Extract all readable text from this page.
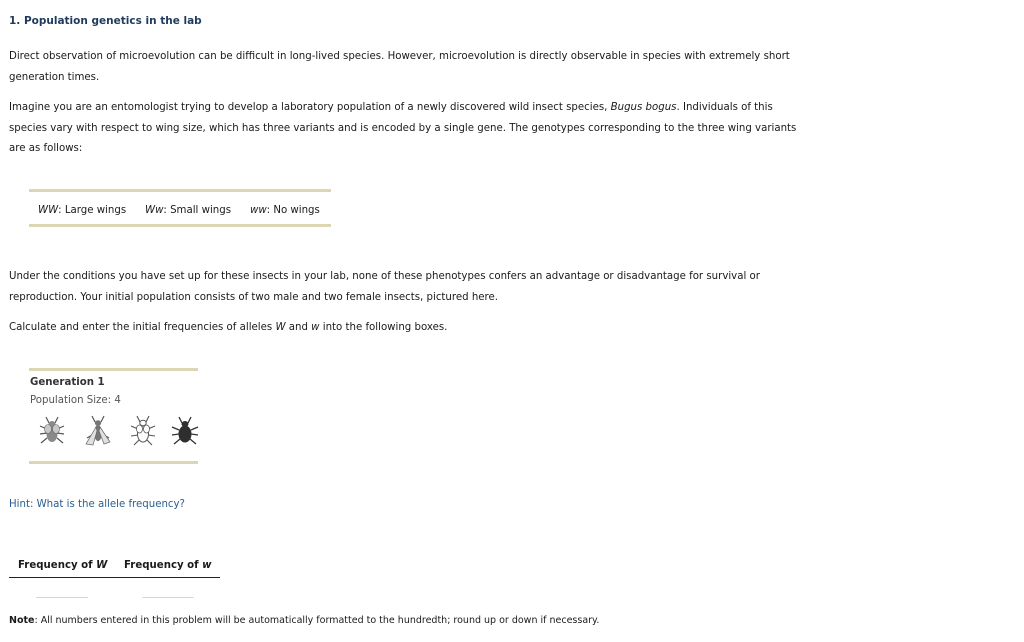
1. Population genetics in the lab
Direct observation of microevolution can be difficult in long-lived species. However, microevolution is directly observable in species with extremely short
generation times.
Imagine you are an entomologist trying to develop a laboratory population of a newly discovered wild insect species, Bugus bogus. Individuals of this
species vary with respect to wing size, which has three variants and is encoded by a single gene. The genotypes corresponding to the three wing variants
are as follows:
WW: Large wings Ww: Small wings ww: No wings
Under the conditions you have set up for these insects in your lab, none of these phenotypes confers an advantage or disadvantage for survival or
reproduction. Your initial population consists of two male and two female insects, pictured here.
Calculate and enter the initial frequencies of alleles W and w into the following boxes.
Generation 1
Population Size: 4
Hint: What is the allele frequency?
Frequency of W Frequency of w
Note: All numbers entered in this problem will be automatically formatted to the hundredth; round up or down if necessary.
